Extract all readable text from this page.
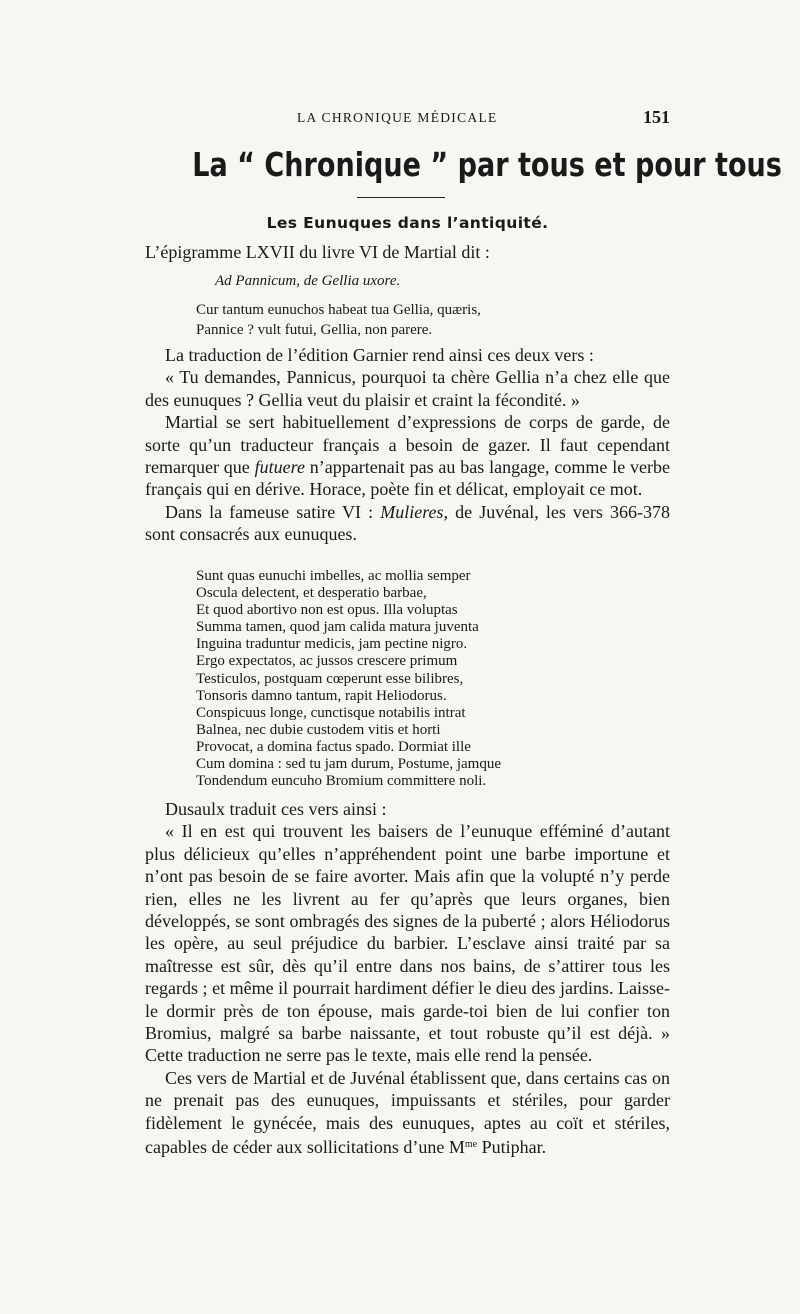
LA CHRONIQUE MÉDICALE	151
La “ Chronique ” par tous et pour tous
Les Eunuques dans l’antiquité.

L’épigramme LXVII du livre VI de Martial dit :

Ad Pannicum, de Gellia uxore.
Cur tantum eunuchos habeat tua Gellia, quæris,
Pannice ? vult futui, Gellia, non parere.

La traduction de l’édition Garnier rend ainsi ces deux vers :

« Tu demandes, Pannicus, pourquoi ta chère Gellia n’a chez elle que des eunuques ? Gellia veut du plaisir et craint la fécondité. »

Martial se sert habituellement d’expressions de corps de garde, de sorte qu’un traducteur français a besoin de gazer. Il faut cependant remarquer que futuere n’appartenait pas au bas langage, comme le verbe français qui en dérive. Horace, poète fin et délicat, employait ce mot.

Dans la fameuse satire VI : Mulieres, de Juvénal, les vers 366-378 sont consacrés aux eunuques.

Sunt quas eunuchi imbelles, ac mollia semper
Oscula delectent, et desperatio barbae,
Et quod abortivo non est opus. Illa voluptas
Summa tamen, quod jam calida matura juventa
Inguina traduntur medicis, jam pectine nigro.
Ergo expectatos, ac jussos crescere primum
Testiculos, postquam cœperunt esse bilibres,
Tonsoris damno tantum, rapit Heliodorus.
Conspicuus longe, cunctisque notabilis intrat
Balnea, nec dubie custodem vitis et horti
Provocat, a domina factus spado. Dormiat ille
Cum domina : sed tu jam durum, Postume, jamque
Tondendum euncuho Bromium committere noli.

Dusaulx traduit ces vers ainsi :

« Il en est qui trouvent les baisers de l’eunuque efféminé d’autant plus délicieux qu’elles n’appréhendent point une barbe importune et n’ont pas besoin de se faire avorter. Mais afin que la volupté n’y perde rien, elles ne les livrent au fer qu’après que leurs organes, bien développés, se sont ombragés des signes de la puberté ; alors Héliodorus les opère, au seul préjudice du barbier. L’esclave ainsi traité par sa maîtresse est sûr, dès qu’il entre dans nos bains, de s’attirer tous les regards ; et même il pourrait hardiment défier le dieu des jardins. Laisse-le dormir près de ton épouse, mais garde-toi bien de lui confier ton Bromius, malgré sa barbe naissante, et tout robuste qu’il est déjà. » Cette traduction ne serre pas le texte, mais elle rend la pensée.

Ces vers de Martial et de Juvénal établissent que, dans certains cas on ne prenait pas des eunuques, impuissants et stériles, pour garder fidèlement le gynécée, mais des eunuques, aptes au coït et stériles, capables de céder aux sollicitations d’une $M^{me}$ Putiphar.
